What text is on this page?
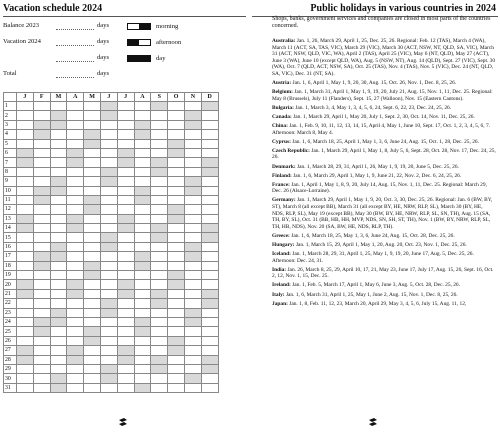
Vacation schedule 2024
Balance 2023	days
Vacation 2024	days
days
Total	days
morning
afternoon
day
	J	F	M	A	M	J	J	A	S	O	N	D
1												
2												
3												
4												
5												
6												
7												
8												
9												
10												
11												
12												
13												
14												
15												
16												
17												
18												
19												
20												
21												
22												
23												
24												
25												
26												
27												
28												
29												
30												
31												
Public holidays in various countries in 2024
Shops, banks, government services and companies are closed in most parts of the countries concerned.
Australia: Jan. 1, 26, March 29, April 1, 25, Dec. 25, 26. Regional: Feb. 12 (TAS), March 4 (WA), March 11 (ACT, SA, TAS, VIC), March 29 (VIC), March 30 (ACT, NSW, NT, QLD, SA, VIC), March 31 (ACT, NSW, QLD, VIC, WA), April 2 (TAS), April 25 (VIC), May 6 (NT, QLD), May 27 (ACT), June 3 (WA), June 10 (except QLD, WA), Aug. 5 (NSW, NT), Aug. 14 (QLD), Sept. 27 (VIC), Sept. 30 (WA), Oct. 7 (QLD, ACT, NSW, SA), Oct. 25 (TAS), Nov. 4 (TAS), Nov. 5 (VIC), Dec. 24 (NT, QLD, SA, VIC), Dec. 31 (NT, SA).
Austria: Jan. 1, 6, April 1, May 1, 9, 20, 30, Aug. 15, Oct. 26, Nov. 1, Dec. 8, 25, 26.
Belgium: Jan. 1, March 31, April 1, May 1, 9, 19, 20, July 21, Aug. 15, Nov. 1, 11, Dec. 25. Regional: May 8 (Brussels), July 11 (Flanders), Sept. 15, 27 (Walloon), Nov. 15 (Eastern Cantons).
Bulgaria: Jan. 1, March 3, 4, May 1, 3, 4, 5, 6, 24, Sept. 6, 22, 23, Dec. 24, 25, 26.
Canada: Jan. 1, March 29, April 1, May 20, July 1, Sept. 2, 30, Oct. 14, Nov. 11, Dec. 25, 26.
China: Jan. 1, Feb. 9, 10, 11, 12, 13, 14, 15, April 4, May 1, June 10, Sept. 17, Oct. 1, 2, 3, 4, 5, 6, 7. Afternoon: March 8, May 4.
Cyprus: Jan. 1, 6, March 18, 25, April 1, May 1, 3, 6, June 24, Aug. 15, Oct. 1, 28, Dec. 25, 26.
Czech Republic: Jan. 1, March 29, April 1, May 1, 8, July 5, 6, Sept. 28, Oct. 28, Nov. 17, Dec. 24, 25, 26.
Denmark: Jan. 1, March 28, 29, 31, April 1, 26, May 1, 9, 19, 20, June 5, Dec. 25, 26.
Finland: Jan. 1, 6, March 29, April 1, May 1, 9, June 21, 22, Nov. 2, Dec. 6, 24, 25, 26.
France: Jan. 1, April 1, May 1, 8, 9, 20, July 14, Aug. 15, Nov. 1, 11, Dec. 25. Regional: March 29, Dec. 26 (Alsace-Lorraine).
Germany: Jan. 1, March 29, April 1, May 1, 9, 20, Oct. 3, 30, Dec. 25, 26. Regional: Jan. 6 (BW, BY, ST), March 8 (all except BB), March 31 (all except BY, HE, NRW, RLP, SL), March 30 (BY, HE, NDS, RLP, SL), May 19 (except BB), May 30 (BW, BY, HE, NRW, RLP, SL, SN, TH), Aug. 15 (SA, TH, BY, SL), Oct. 31 (BB, HB, HH, MVP, NDS, SN, SH, ST, TH), Nov. 1 (BW, BY, NRW, RLP, SL, TH, HB, NDS), Nov. 20 (SA, BW, HE, NDS, RLP, TH).
Greece: Jan. 1, 6, March 18, 25, May 1, 3, 6, June 24, Aug. 15, Oct. 28, Dec. 25, 26.
Hungary: Jan. 1, March 15, 29, April 1, May 1, 20, Aug. 20, Oct. 23, Nov. 1, Dec. 25, 26.
Iceland: Jan. 1, March 28, 29, 31, April 1, 25, May 1, 9, 19, 20, June 17, Aug. 5, Dec. 25, 26. Afternoon: Dec. 24, 31.
India: Jan. 26, March 8, 25, 29, April 10, 17, 21, May 23, June 17, July 17, Aug. 15, 26, Sept. 16, Oct. 2, 12, Nov. 1, 15, Dec. 25.
Ireland: Jan. 1, Feb. 5, March 17, April 1, May 6, June 3, Aug. 5, Oct. 28, Dec. 25, 26.
Italy: Jan. 1, 6, March 31, April 1, 25, May 1, June 2, Aug. 15, Nov. 1, Dec. 8, 25, 26.
Japan: Jan. 1, 8, Feb. 11, 12, 23, March 20, April 29, May 3, 4, 5, 6, July 15, Aug. 11, 12,
